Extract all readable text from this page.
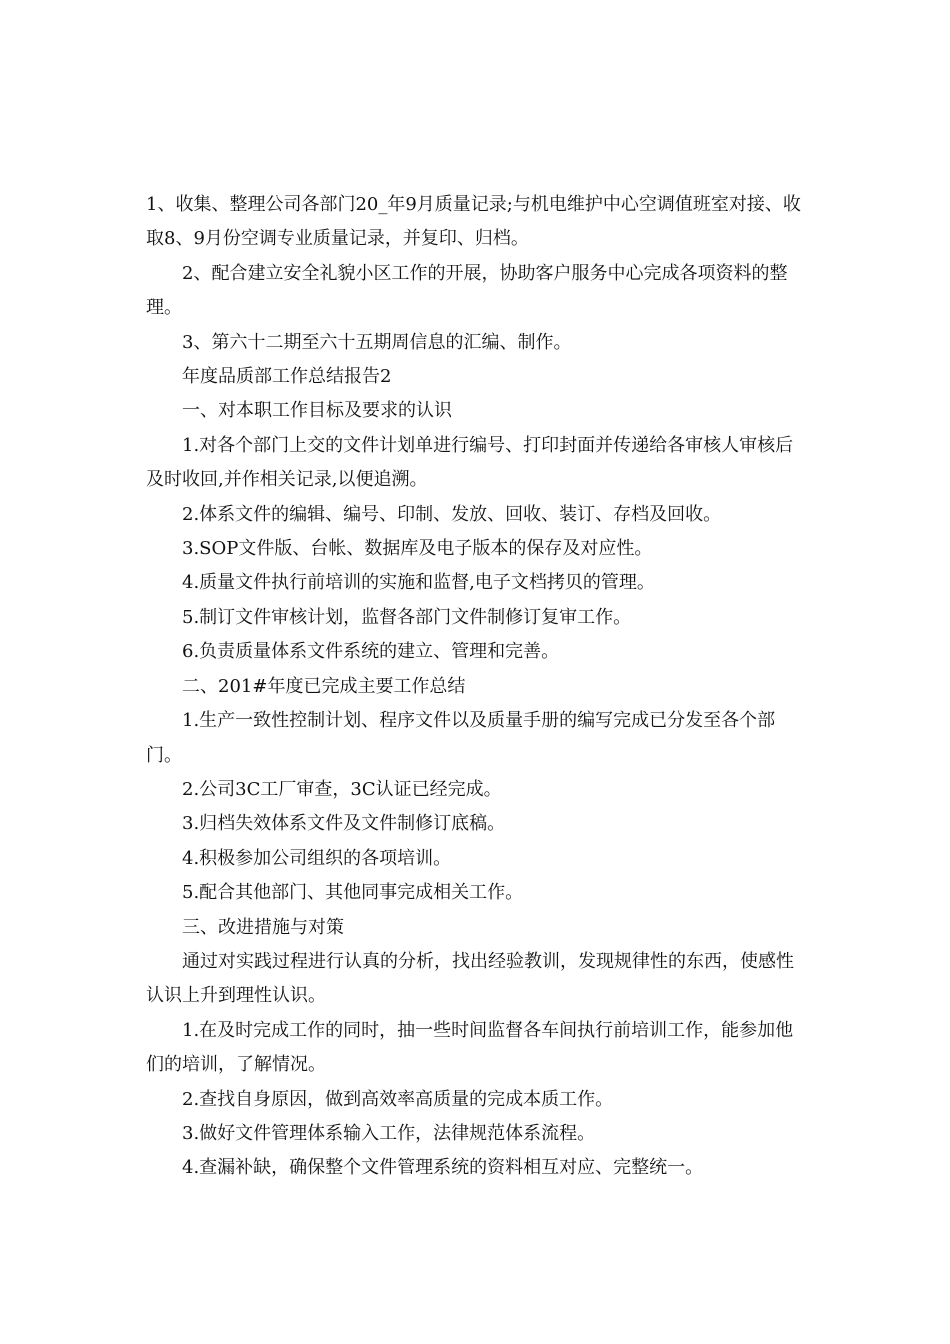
1、收集、整理公司各部门20_年9月质量记录;与机电维护中心空调值班室对接、收取8、9月份空调专业质量记录，并复印、归档。

2、配合建立安全礼貌小区工作的开展，协助客户服务中心完成各项资料的整理。

3、第六十二期至六十五期周信息的汇编、制作。

年度品质部工作总结报告2

一、对本职工作目标及要求的认识

1.对各个部门上交的文件计划单进行编号、打印封面并传递给各审核人审核后及时收回,并作相关记录,以便追溯。

2.体系文件的编辑、编号、印制、发放、回收、装订、存档及回收。

3.SOP文件版、台帐、数据库及电子版本的保存及对应性。

4.质量文件执行前培训的实施和监督,电子文档拷贝的管理。

5.制订文件审核计划，监督各部门文件制修订复审工作。

6.负责质量体系文件系统的建立、管理和完善。

二、201#年度已完成主要工作总结

1.生产一致性控制计划、程序文件以及质量手册的编写完成已分发至各个部门。

2.公司3C工厂审查，3C认证已经完成。

3.归档失效体系文件及文件制修订底稿。

4.积极参加公司组织的各项培训。

5.配合其他部门、其他同事完成相关工作。

三、改进措施与对策

通过对实践过程进行认真的分析，找出经验教训，发现规律性的东西，使感性认识上升到理性认识。

1.在及时完成工作的同时，抽一些时间监督各车间执行前培训工作，能参加他们的培训，了解情况。

2.查找自身原因，做到高效率高质量的完成本质工作。

3.做好文件管理体系输入工作，法律规范体系流程。

4.查漏补缺，确保整个文件管理系统的资料相互对应、完整统一。
